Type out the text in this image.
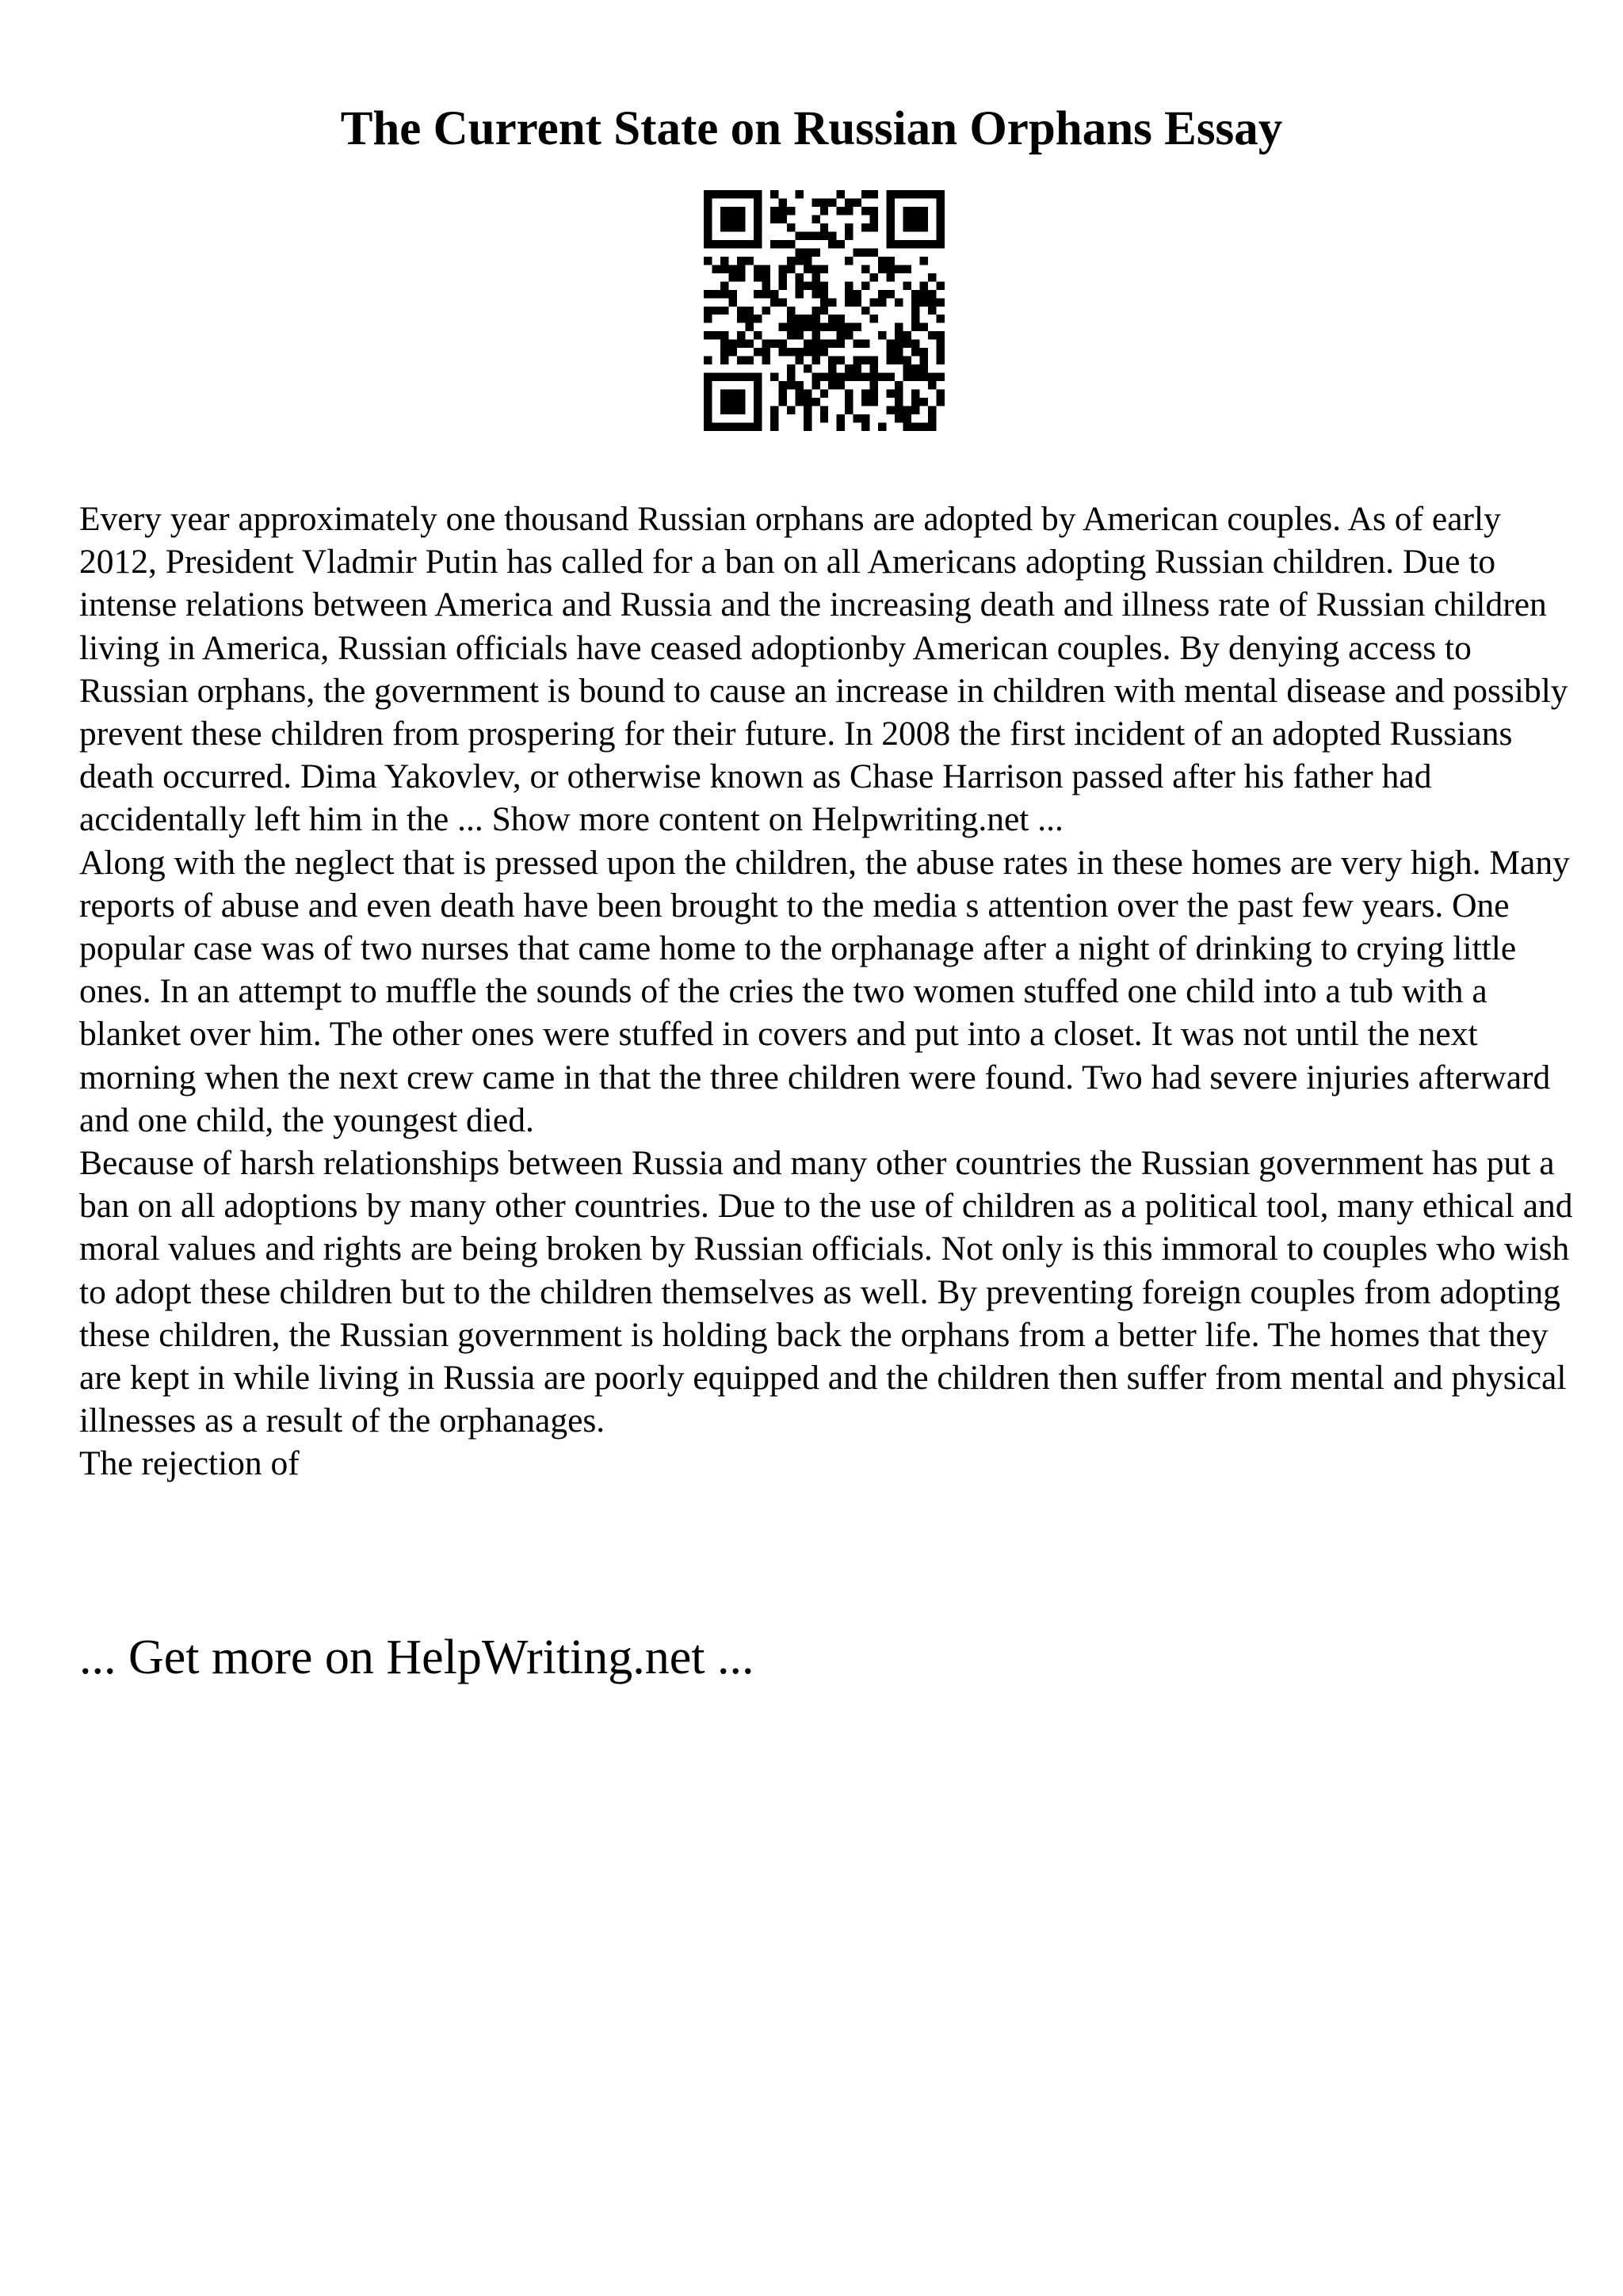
The Current State on Russian Orphans Essay

Every year approximately one thousand Russian orphans are adopted by American couples. As of early 2012, President Vladmir Putin has called for a ban on all Americans adopting Russian children. Due to intense relations between America and Russia and the increasing death and illness rate of Russian children living in America, Russian officials have ceased adoptionby American couples. By denying access to Russian orphans, the government is bound to cause an increase in children with mental disease and possibly prevent these children from prospering for their future. In 2008 the first incident of an adopted Russians death occurred. Dima Yakovlev, or otherwise known as Chase Harrison passed after his father had accidentally left him in the ... Show more content on Helpwriting.net ...

Along with the neglect that is pressed upon the children, the abuse rates in these homes are very high. Many reports of abuse and even death have been brought to the media s attention over the past few years. One popular case was of two nurses that came home to the orphanage after a night of drinking to crying little ones. In an attempt to muffle the sounds of the cries the two women stuffed one child into a tub with a blanket over him. The other ones were stuffed in covers and put into a closet. It was not until the next morning when the next crew came in that the three children were found. Two had severe injuries afterward and one child, the youngest died.

Because of harsh relationships between Russia and many other countries the Russian government has put a ban on all adoptions by many other countries. Due to the use of children as a political tool, many ethical and moral values and rights are being broken by Russian officials. Not only is this immoral to couples who wish to adopt these children but to the children themselves as well. By preventing foreign couples from adopting these children, the Russian government is holding back the orphans from a better life. The homes that they are kept in while living in Russia are poorly equipped and the children then suffer from mental and physical illnesses as a result of the orphanages.

The rejection of

... Get more on HelpWriting.net ...
